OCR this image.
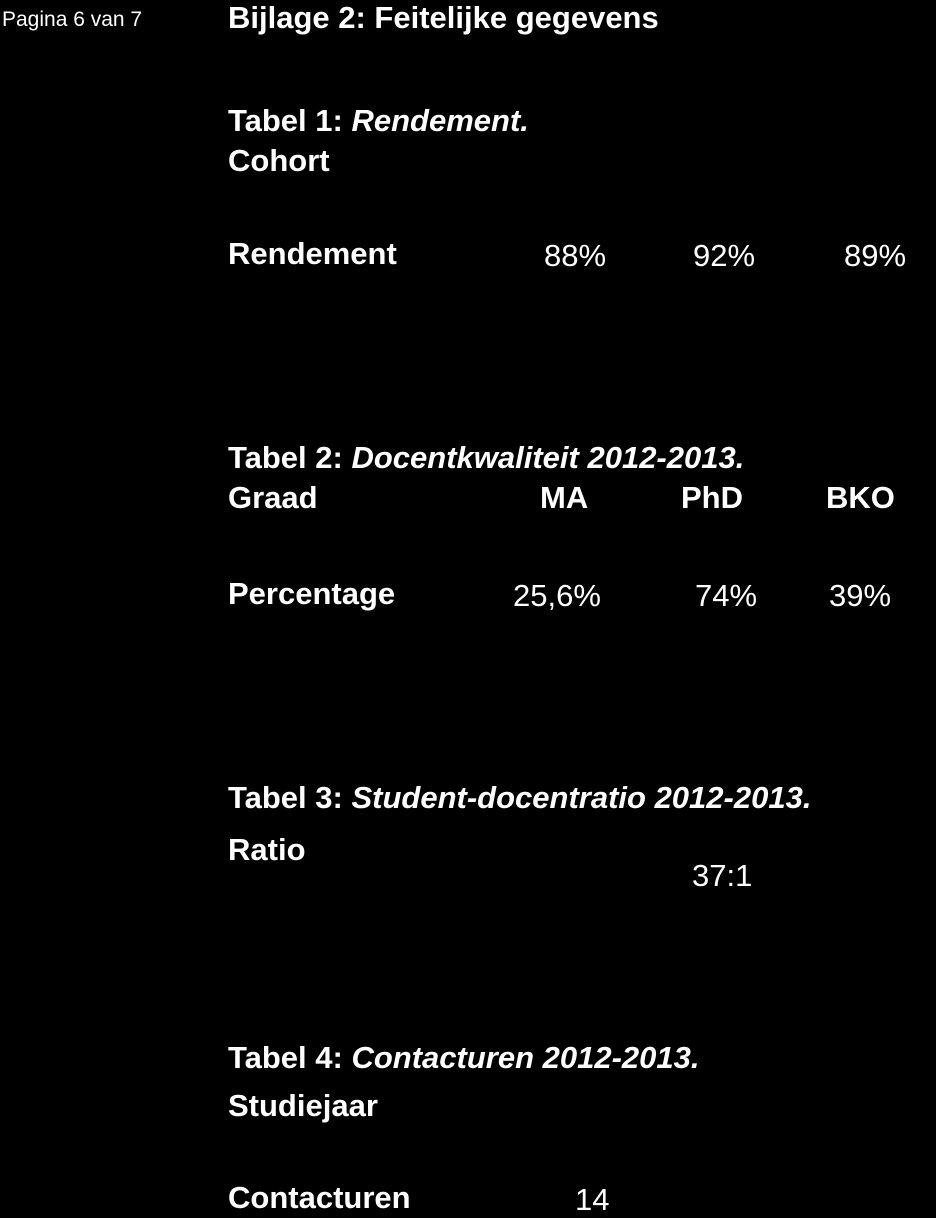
Pagina 6 van 7	Bijlage 2: Feitelijke gegevens
Tabel 1: Rendement.
Cohort
Rendement	88%	92%	89%
Tabel 2: Docentkwaliteit 2012-2013.
Graad	MA	PhD	BKO
Percentage	25,6%	74% 39%
Tabel 3: Student-docentratio 2012-2013.
Ratio
37:1
Tabel 4: Contacturen 2012-2013.
Studiejaar
Contacturen	14
